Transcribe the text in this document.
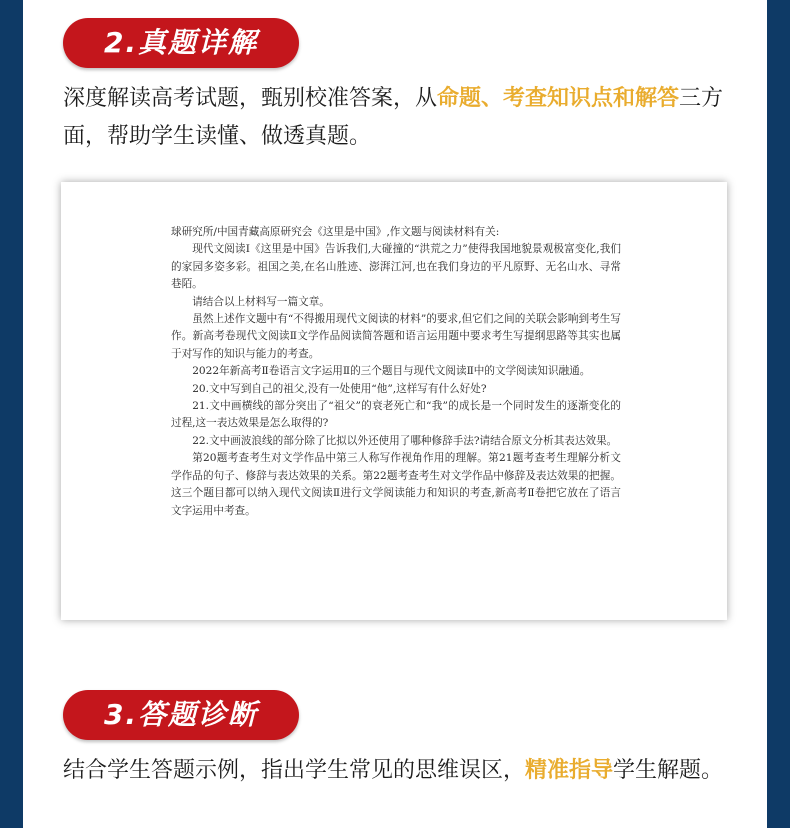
2.真题详解
深度解读高考试题，甄别校准答案，从命题、考查知识点和解答三方面，帮助学生读懂、做透真题。

球研究所/中国青藏高原研究会《这里是中国》,作文题与阅读材料有关:

现代文阅读Ⅰ《这里是中国》告诉我们,大碰撞的“洪荒之力”使得我国地貌景观极富变化,我们的家园多姿多彩。祖国之美,在名山胜迹、澎湃江河,也在我们身边的平凡原野、无名山水、寻常巷陌。

请结合以上材料写一篇文章。

虽然上述作文题中有“不得搬用现代文阅读的材料”的要求,但它们之间的关联会影响到考生写作。新高考卷现代文阅读Ⅱ文学作品阅读简答题和语言运用题中要求考生写提纲思路等其实也属于对写作的知识与能力的考查。

2022年新高考Ⅱ卷语言文字运用Ⅱ的三个题目与现代文阅读Ⅱ中的文学阅读知识融通。

20.文中写到自己的祖父,没有一处使用“他”,这样写有什么好处?

21.文中画横线的部分突出了“祖父”的衰老死亡和“我”的成长是一个同时发生的逐渐变化的过程,这一表达效果是怎么取得的?

22.文中画波浪线的部分除了比拟以外还使用了哪种修辞手法?请结合原文分析其表达效果。

第20题考查考生对文学作品中第三人称写作视角作用的理解。第21题考查考生理解分析文学作品的句子、修辞与表达效果的关系。第22题考查考生对文学作品中修辞及表达效果的把握。这三个题目都可以纳入现代文阅读Ⅱ进行文学阅读能力和知识的考查,新高考Ⅱ卷把它放在了语言文字运用中考查。

3.答题诊断
结合学生答题示例，指出学生常见的思维误区，精准指导学生解题。
